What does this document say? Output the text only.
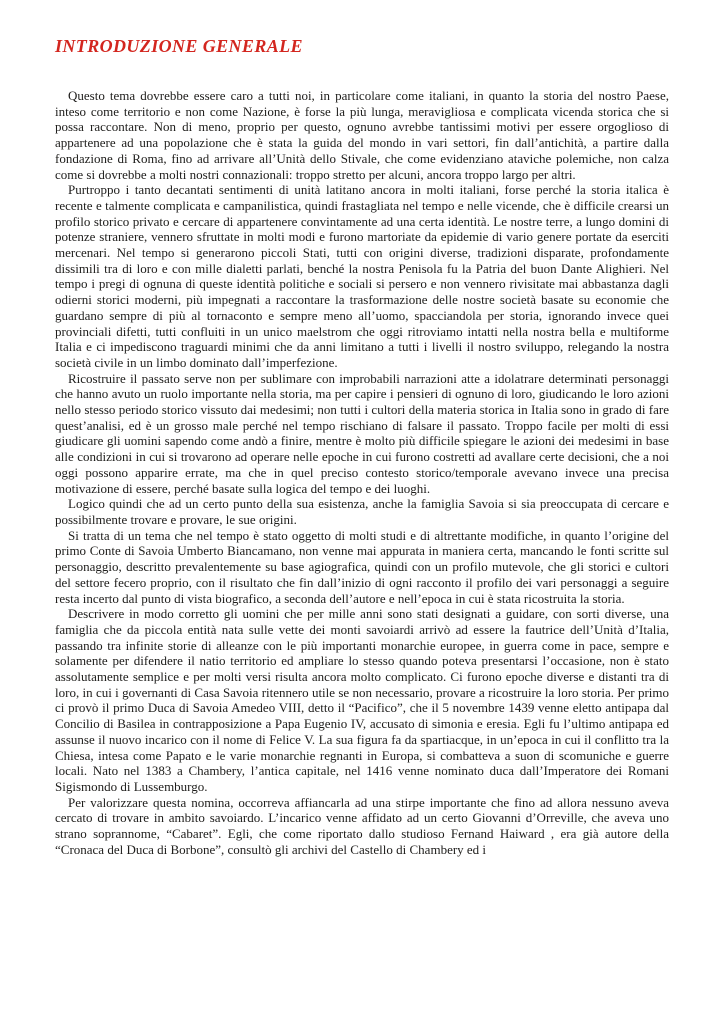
INTRODUZIONE GENERALE

Questo tema dovrebbe essere caro a tutti noi, in particolare come italiani, in quanto la storia del nostro Paese, inteso come territorio e non come Nazione, è forse la più lunga, meravigliosa e complicata vicenda storica che si possa raccontare. Non di meno, proprio per questo, ognuno avrebbe tantissimi motivi per essere orgoglioso di appartenere ad una popolazione che è stata la guida del mondo in vari settori, fin dall’antichità, a partire dalla fondazione di Roma, fino ad arrivare all’Unità dello Stivale, che come evidenziano ataviche polemiche, non calza come si dovrebbe a molti nostri connazionali: troppo stretto per alcuni, ancora troppo largo per altri.

Purtroppo i tanto decantati sentimenti di unità latitano ancora in molti italiani, forse perché la storia italica è recente e talmente complicata e campanilistica, quindi frastagliata nel tempo e nelle vicende, che è difficile crearsi un profilo storico privato e cercare di appartenere convintamente ad una certa identità. Le nostre terre, a lungo domini di potenze straniere, vennero sfruttate in molti modi e furono martoriate da epidemie di vario genere portate da eserciti mercenari. Nel tempo si generarono piccoli Stati, tutti con origini diverse, tradizioni disparate, profondamente dissimili tra di loro e con mille dialetti parlati, benché la nostra Penisola fu la Patria del buon Dante Alighieri. Nel tempo i pregi di ognuna di queste identità politiche e sociali si persero e non vennero rivisitate mai abbastanza dagli odierni storici moderni, più impegnati a raccontare la trasformazione delle nostre società basate su economie che guardano sempre di più al tornaconto e sempre meno all’uomo, spacciandola per storia, ignorando invece quei provinciali difetti, tutti confluiti in un unico maelstrom che oggi ritroviamo intatti nella nostra bella e multiforme Italia e ci impediscono traguardi minimi che da anni limitano a tutti i livelli il nostro sviluppo, relegando la nostra società civile in un limbo dominato dall’imperfezione.

Ricostruire il passato serve non per sublimare con improbabili narrazioni atte a idolatrare determinati personaggi che hanno avuto un ruolo importante nella storia, ma per capire i pensieri di ognuno di loro, giudicando le loro azioni nello stesso periodo storico vissuto dai medesimi; non tutti i cultori della materia storica in Italia sono in grado di fare quest’analisi, ed è un grosso male perché nel tempo rischiano di falsare il passato. Troppo facile per molti di essi giudicare gli uomini sapendo come andò a finire, mentre è molto più difficile spiegare le azioni dei medesimi in base alle condizioni in cui si trovarono ad operare nelle epoche in cui furono costretti ad avallare certe decisioni, che a noi oggi possono apparire errate, ma che in quel preciso contesto storico/temporale avevano invece una precisa motivazione di essere, perché basate sulla logica del tempo e dei luoghi.

Logico quindi che ad un certo punto della sua esistenza, anche la famiglia Savoia si sia preoccupata di cercare e possibilmente trovare e provare, le sue origini.

Si tratta di un tema che nel tempo è stato oggetto di molti studi e di altrettante modifiche, in quanto l’origine del primo Conte di Savoia Umberto Biancamano, non venne mai appurata in maniera certa, mancando le fonti scritte sul personaggio, descritto prevalentemente su base agiografica, quindi con un profilo mutevole, che gli storici e cultori del settore fecero proprio, con il risultato che fin dall’inizio di ogni racconto il profilo dei vari personaggi a seguire resta incerto dal punto di vista biografico, a seconda dell’autore e nell’epoca in cui è stata ricostruita la storia.

Descrivere in modo corretto gli uomini che per mille anni sono stati designati a guidare, con sorti diverse, una famiglia che da piccola entità nata sulle vette dei monti savoiardi arrivò ad essere la fautrice dell’Unità d’Italia, passando tra infinite storie di alleanze con le più importanti monarchie europee, in guerra come in pace, sempre e solamente per difendere il natio territorio ed ampliare lo stesso quando poteva presentarsi l’occasione, non è stato assolutamente semplice e per molti versi risulta ancora molto complicato. Ci furono epoche diverse e distanti tra di loro, in cui i governanti di Casa Savoia ritennero utile se non necessario, provare a ricostruire la loro storia. Per primo ci provò il primo Duca di Savoia Amedeo VIII, detto il “Pacifico”, che il 5 novembre 1439 venne eletto antipapa dal Concilio di Basilea in contrapposizione a Papa Eugenio IV, accusato di simonia e eresia. Egli fu l’ultimo antipapa ed assunse il nuovo incarico con il nome di Felice V. La sua figura fa da spartiacque, in un’epoca in cui il conflitto tra la Chiesa, intesa come Papato e le varie monarchie regnanti in Europa, si combatteva a suon di scomuniche e guerre locali. Nato nel 1383 a Chambery, l’antica capitale, nel 1416 venne nominato duca dall’Imperatore dei Romani Sigismondo di Lussemburgo.

Per valorizzare questa nomina, occorreva affiancarla ad una stirpe importante che fino ad allora nessuno aveva cercato di trovare in ambito savoiardo. L’incarico venne affidato ad un certo Giovanni d’Orreville, che aveva uno strano soprannome, “Cabaret”. Egli, che come riportato dallo studioso Fernand Haiward , era già autore della “Cronaca del Duca di Borbone”, consultò gli archivi del Castello di Chambery ed i
